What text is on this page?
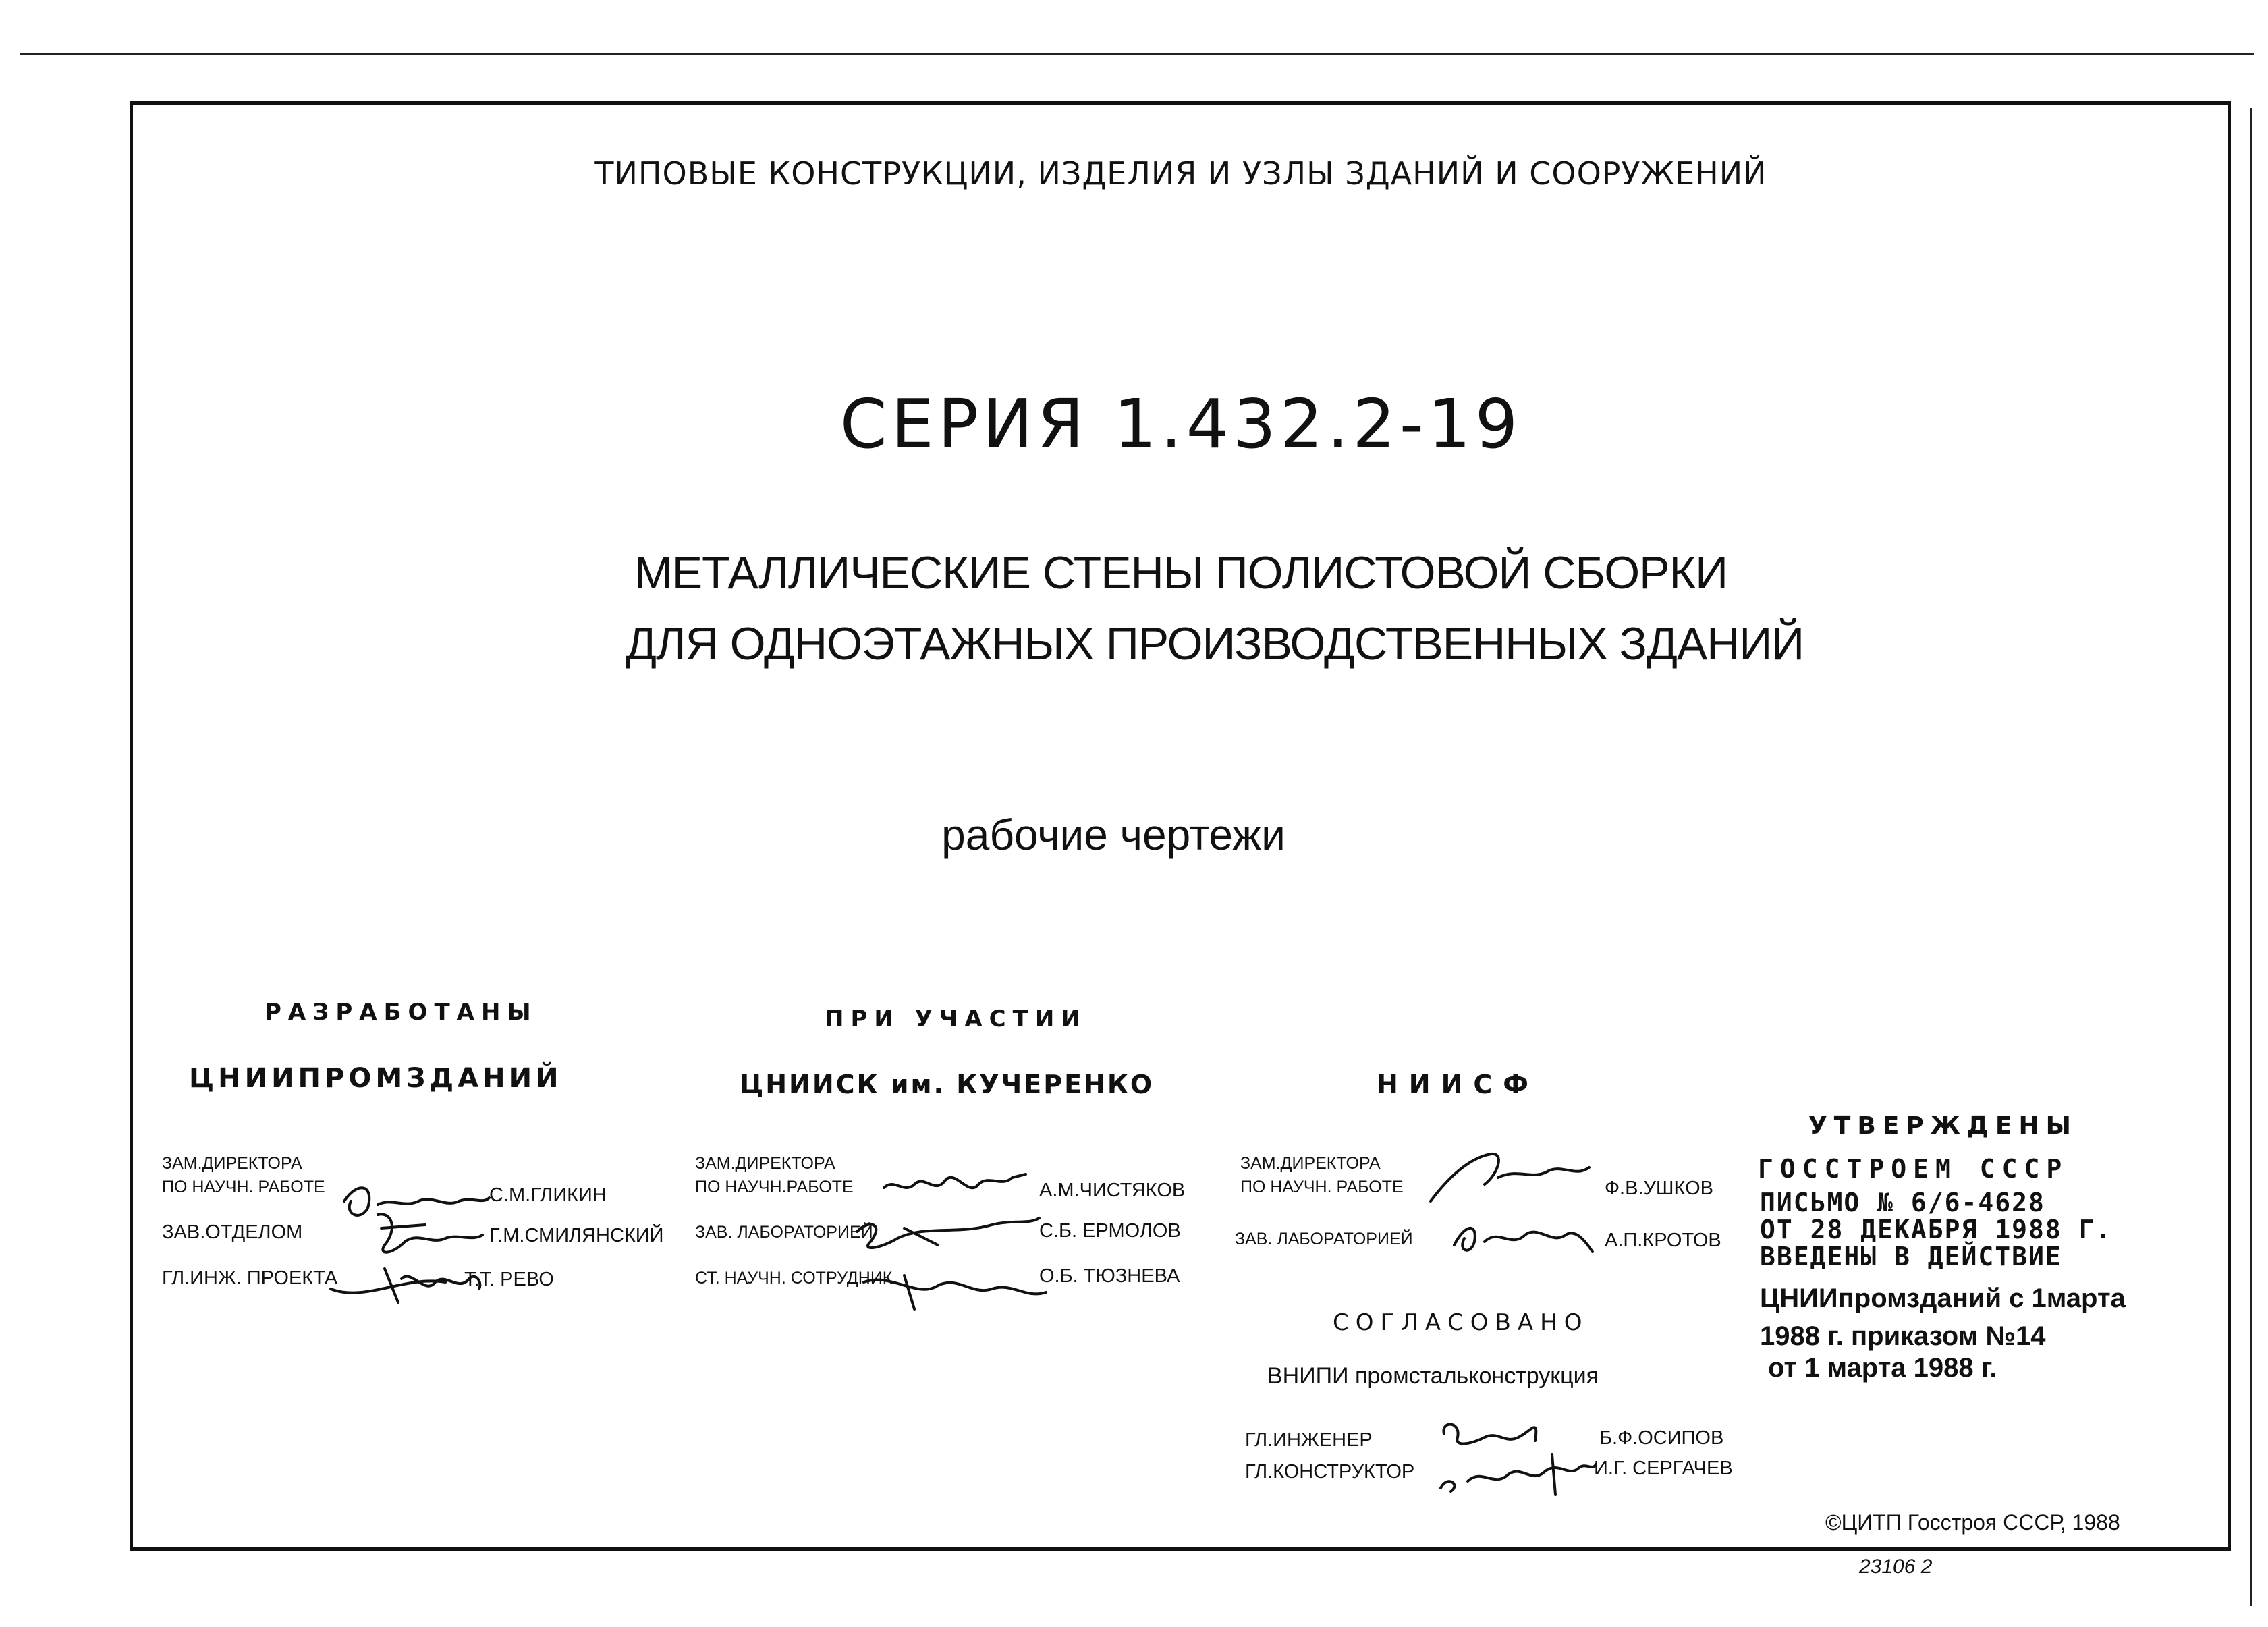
ТИПОВЫЕ КОНСТРУКЦИИ, ИЗДЕЛИЯ И УЗЛЫ ЗДАНИЙ И СООРУЖЕНИЙ
СЕРИЯ 1.432.2-19
МЕТАЛЛИЧЕСКИЕ СТЕНЫ ПОЛИСТОВОЙ СБОРКИ
ДЛЯ ОДНОЭТАЖНЫХ ПРОИЗВОДСТВЕННЫХ ЗДАНИЙ
рабочие чертежи
РАЗРАБОТАНЫ
ЦНИИПРОМЗДАНИЙ
ЗАМ.ДИРЕКТОРА
ПО НАУЧН. РАБОТЕ	С.М.ГЛИКИН
ЗАВ.ОТДЕЛОМ	Г.М.СМИЛЯНСКИЙ
ГЛ.ИНЖ. ПРОЕКТА	Т.Т. РЕВО
ПРИ УЧАСТИИ
ЦНИИСК им. КУЧЕРЕНКО
ЗАМ.ДИРЕКТОРА
ПО НАУЧН.РАБОТЕ	А.М.ЧИСТЯКОВ
ЗАВ. ЛАБОРАТОРИЕЙ	С.Б. ЕРМОЛОВ
СТ. НАУЧН. СОТРУДНИК	О.Б. ТЮЗНЕВА
НИИСФ
ЗАМ.ДИРЕКТОРА
ПО НАУЧН. РАБОТЕ	Ф.В.УШКОВ
ЗАВ. ЛАБОРАТОРИЕЙ	А.П.КРОТОВ
СОГЛАСОВАНО
ВНИПИ промстальконструкция
ГЛ.ИНЖЕНЕР	Б.Ф.ОСИПОВ
ГЛ.КОНСТРУКТОР	И.Г. СЕРГАЧЕВ
УТВЕРЖДЕНЫ
ГОССТРОЕМ СССР
ПИСЬМО № 6/6-4628
ОТ 28 ДЕКАБРЯ 1988 Г.
ВВЕДЕНЫ В ДЕЙСТВИЕ
ЦНИИпромзданий с 1марта
1988 г. приказом №14
от 1 марта 1988 г.
©ЦИТП Госстроя СССР, 1988
23106 2
